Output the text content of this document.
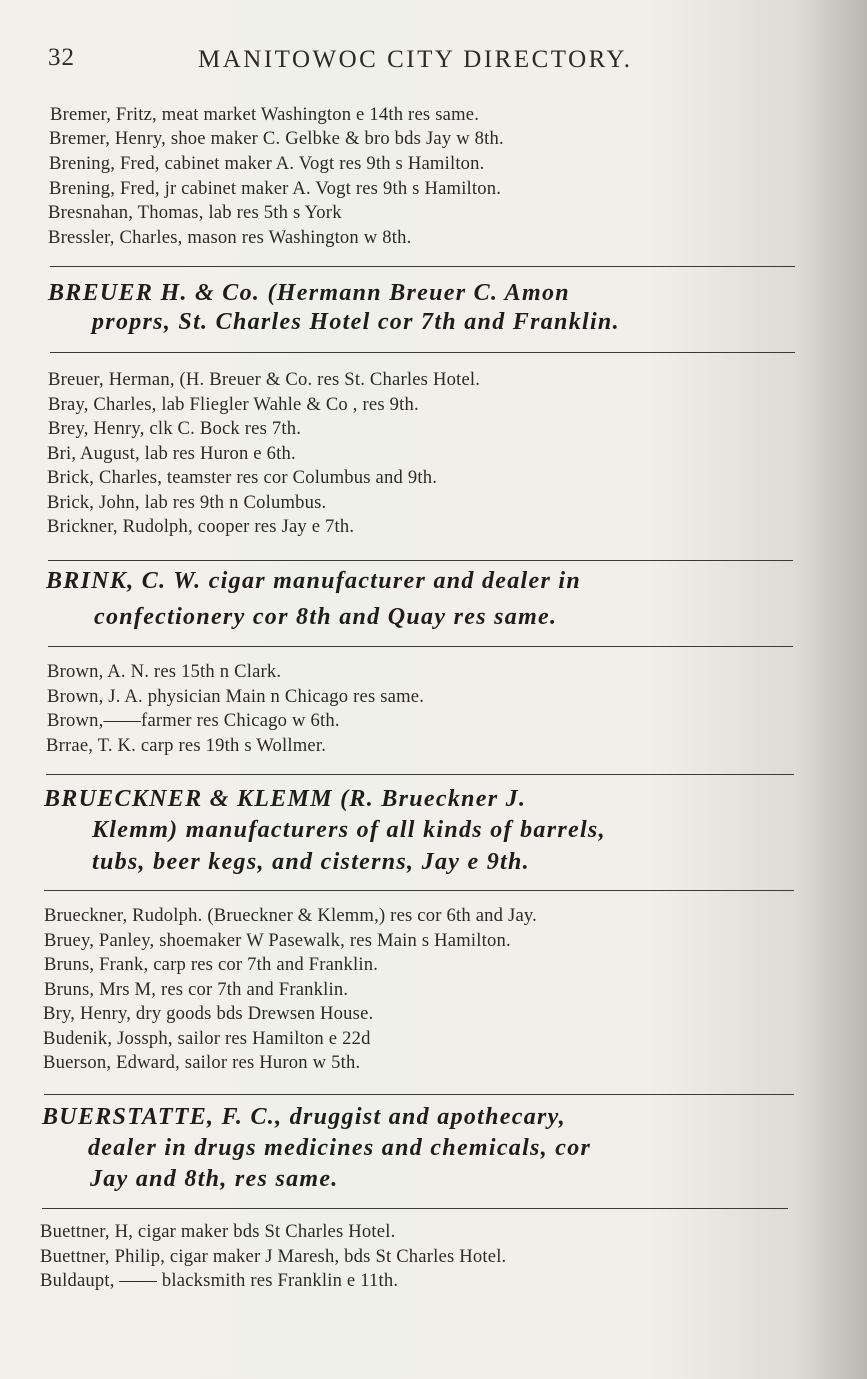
32	MANITOWOC CITY DIRECTORY.
Bremer, Fritz, meat market Washington e 14th res same.
Bremer, Henry, shoe maker C. Gelbke & bro bds Jay w 8th.
Brening, Fred, cabinet maker A. Vogt res 9th s Hamilton.
Brening, Fred, jr cabinet maker A. Vogt res 9th s Hamilton.
Bresnahan, Thomas, lab res 5th s York
Bressler, Charles, mason res Washington w 8th.
BREUER H. & Co. (Hermann Breuer C. Amon
proprs, St. Charles Hotel cor 7th and Franklin.
Breuer, Herman, (H. Breuer & Co. res St. Charles Hotel.
Bray, Charles, lab Fliegler Wahle & Co , res 9th.
Brey, Henry, clk C. Bock res 7th.
Bri, August, lab res Huron e 6th.
Brick, Charles, teamster res cor Columbus and 9th.
Brick, John, lab res 9th n Columbus.
Brickner, Rudolph, cooper res Jay e 7th.
BRINK, C. W. cigar manufacturer and dealer in
confectionery cor 8th and Quay res same.
Brown, A. N. res 15th n Clark.
Brown, J. A. physician Main n Chicago res same.
Brown,——farmer res Chicago w 6th.
Brrae, T. K. carp res 19th s Wollmer.
BRUECKNER & KLEMM (R. Brueckner J.
Klemm) manufacturers of all kinds of barrels,
tubs, beer kegs, and cisterns, Jay e 9th.
Brueckner, Rudolph. (Brueckner & Klemm,) res cor 6th and Jay.
Bruey, Panley, shoemaker W Pasewalk, res Main s Hamilton.
Bruns, Frank, carp res cor 7th and Franklin.
Bruns, Mrs M, res cor 7th and Franklin.
Bry, Henry, dry goods bds Drewsen House.
Budenik, Jossph, sailor res Hamilton e 22d
Buerson, Edward, sailor res Huron w 5th.
BUERSTATTE, F. C., druggist and apothecary,
dealer in drugs medicines and chemicals, cor
Jay and 8th, res same.
Buettner, H, cigar maker bds St Charles Hotel.
Buettner, Philip, cigar maker J Maresh, bds St Charles Hotel.
Buldaupt, —— blacksmith res Franklin e 11th.
